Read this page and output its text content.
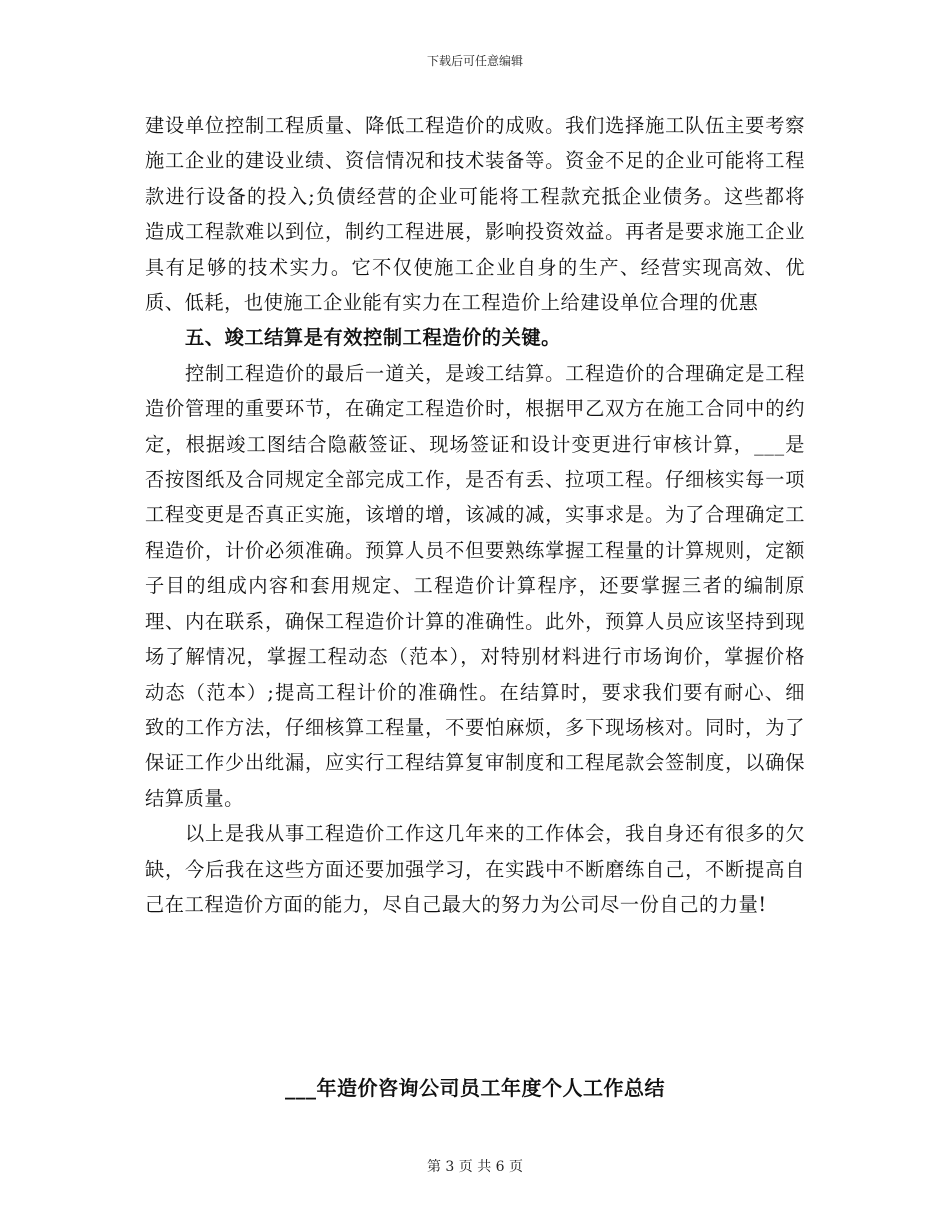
下载后可任意编辑

建设单位控制工程质量、降低工程造价的成败。我们选择施工队伍主要考察施工企业的建设业绩、资信情况和技术装备等。资金不足的企业可能将工程款进行设备的投入;负债经营的企业可能将工程款充抵企业债务。这些都将造成工程款难以到位，制约工程进展，影响投资效益。再者是要求施工企业具有足够的技术实力。它不仅使施工企业自身的生产、经营实现高效、优质、低耗，也使施工企业能有实力在工程造价上给建设单位合理的优惠

五、竣工结算是有效控制工程造价的关键。

控制工程造价的最后一道关，是竣工结算。工程造价的合理确定是工程造价管理的重要环节，在确定工程造价时，根据甲乙双方在施工合同中的约定，根据竣工图结合隐蔽签证、现场签证和设计变更进行审核计算，___是否按图纸及合同规定全部完成工作，是否有丢、拉项工程。仔细核实每一项工程变更是否真正实施，该增的增，该减的减，实事求是。为了合理确定工程造价，计价必须准确。预算人员不但要熟练掌握工程量的计算规则，定额子目的组成内容和套用规定、工程造价计算程序，还要掌握三者的编制原理、内在联系，确保工程造价计算的准确性。此外，预算人员应该坚持到现场了解情况，掌握工程动态（范本），对特别材料进行市场询价，掌握价格动态（范本）;提高工程计价的准确性。在结算时，要求我们要有耐心、细致的工作方法，仔细核算工程量，不要怕麻烦，多下现场核对。同时，为了保证工作少出纰漏，应实行工程结算复审制度和工程尾款会签制度，以确保结算质量。

以上是我从事工程造价工作这几年来的工作体会，我自身还有很多的欠缺，今后我在这些方面还要加强学习，在实践中不断磨练自己，不断提高自己在工程造价方面的能力，尽自己最大的努力为公司尽一份自己的力量!

___年造价咨询公司员工年度个人工作总结
第 3 页 共 6 页
